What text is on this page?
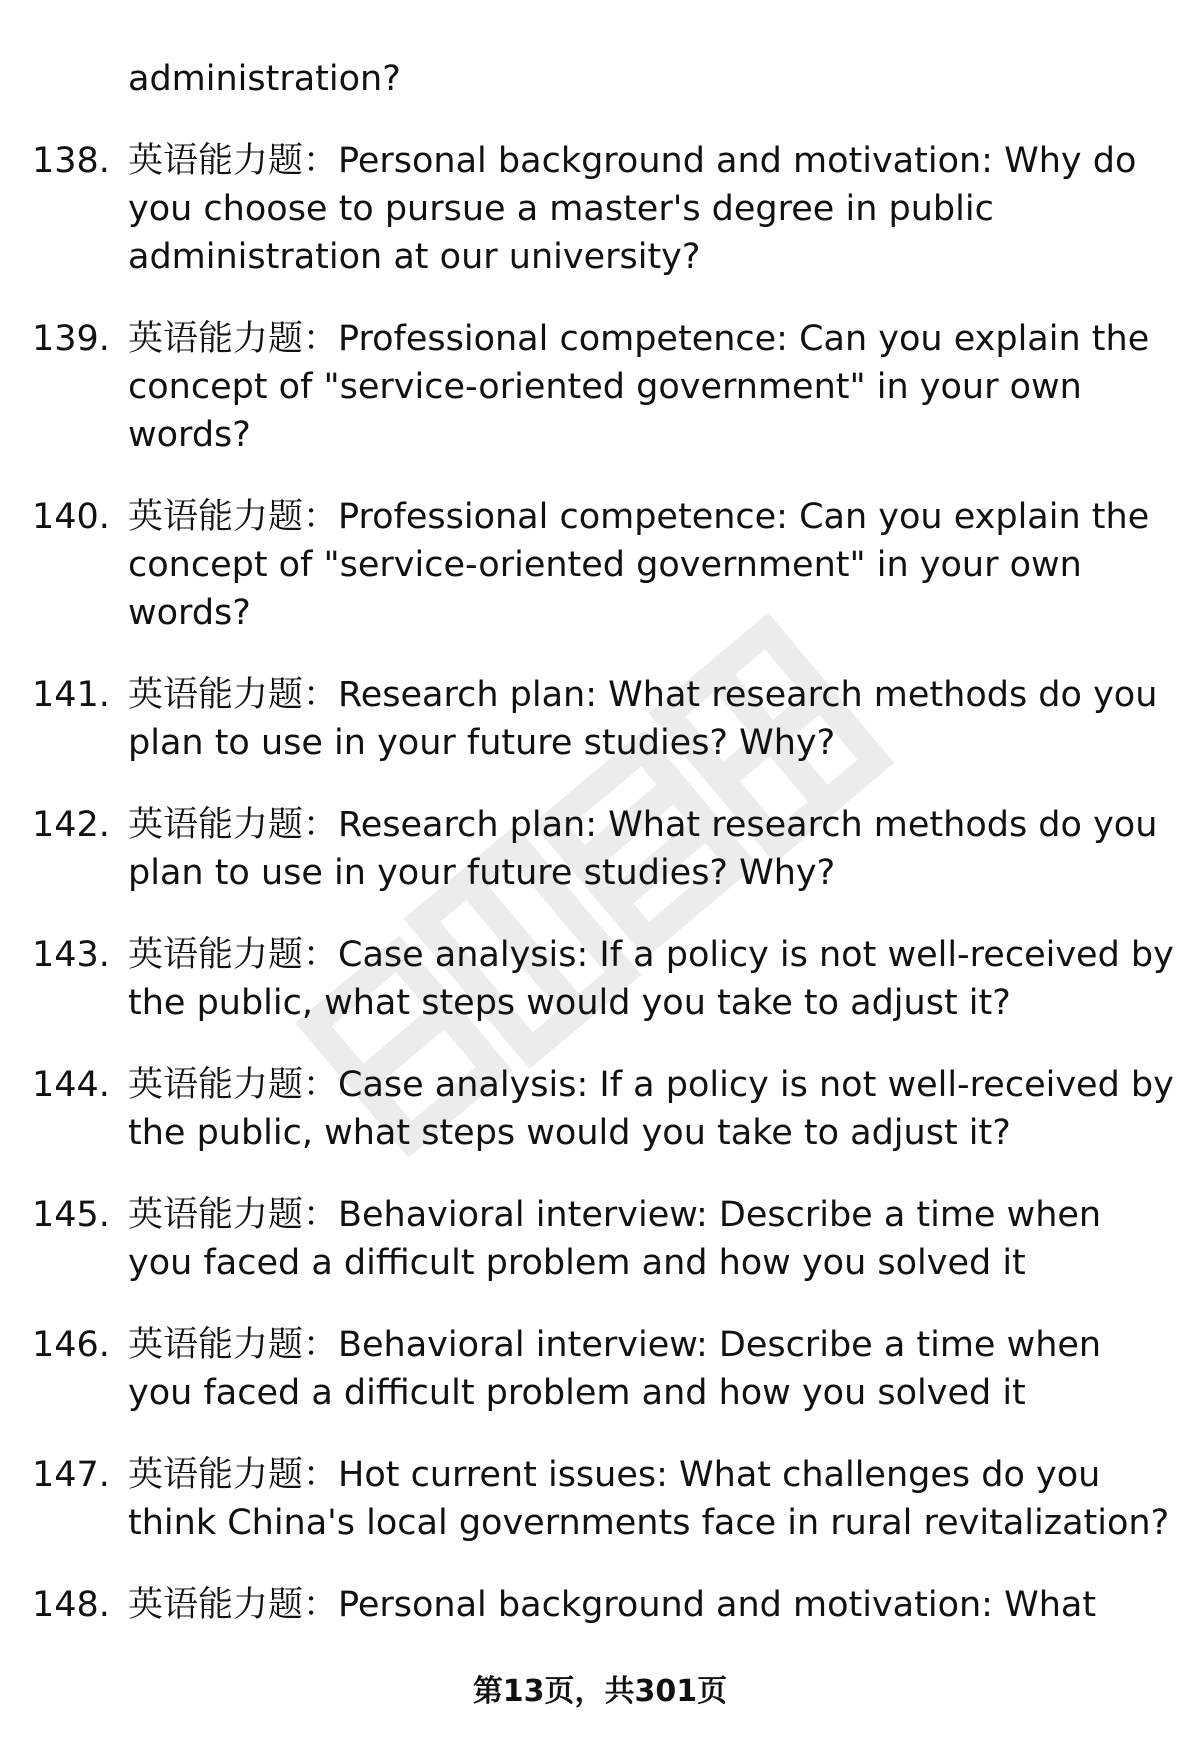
administration?
138. 英语能力题：Personal background and motivation: Why do
you choose to pursue a master's degree in public
administration at our university?
139. 英语能力题：Professional competence: Can you explain the
concept of "service-oriented government" in your own
words?
140. 英语能力题：Professional competence: Can you explain the
concept of "service-oriented government" in your own
words?
141. 英语能力题：Research plan: What research methods do you
plan to use in your future studies? Why?
142. 英语能力题：Research plan: What research methods do you
plan to use in your future studies? Why?
143. 英语能力题：Case analysis: If a policy is not well-received by
the public, what steps would you take to adjust it?
144. 英语能力题：Case analysis: If a policy is not well-received by
the public, what steps would you take to adjust it?
145. 英语能力题：Behavioral interview: Describe a time when
you faced a difficult problem and how you solved it
146. 英语能力题：Behavioral interview: Describe a time when
you faced a difficult problem and how you solved it
147. 英语能力题：Hot current issues: What challenges do you
think China's local governments face in rural revitalization?
148. 英语能力题：Personal background and motivation: What
第13页，共301页
